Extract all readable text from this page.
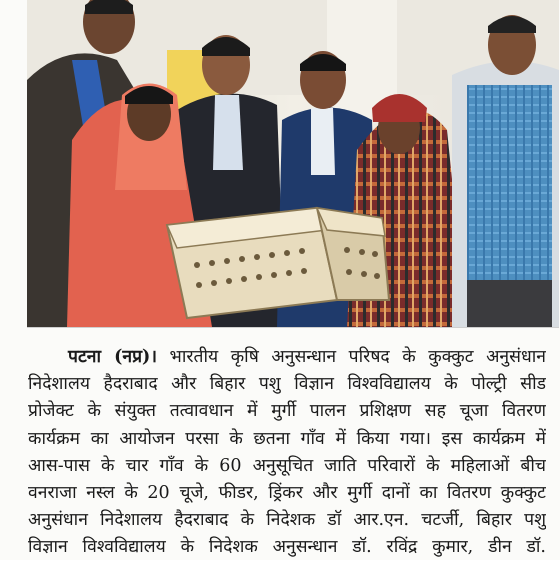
पटना (नप्र)। भारतीय कृषि अनुसन्धान परिषद के कुक्कुट अनुसंधान
निदेशालय हैदराबाद और बिहार पशु विज्ञान विश्वविद्यालय के पोल्ट्री सीड
प्रोजेक्ट के संयुक्त तत्वावधान में मुर्गी पालन प्रशिक्षण सह चूजा वितरण
कार्यक्रम का आयोजन परसा के छतना गाँव में किया गया। इस कार्यक्रम में
आस-पास के चार गाँव के 60 अनुसूचित जाति परिवारों के महिलाओं बीच
वनराजा नस्ल के 20 चूजे, फीडर, ड्रिंकर और मुर्गी दानों का वितरण कुक्कुट
अनुसंधान निदेशालय हैदराबाद के निदेशक डॉ आर.एन. चटर्जी, बिहार पशु
विज्ञान विश्वविद्यालय के निदेशक अनुसन्धान डॉ. रविंद्र कुमार, डीन डॉ.
